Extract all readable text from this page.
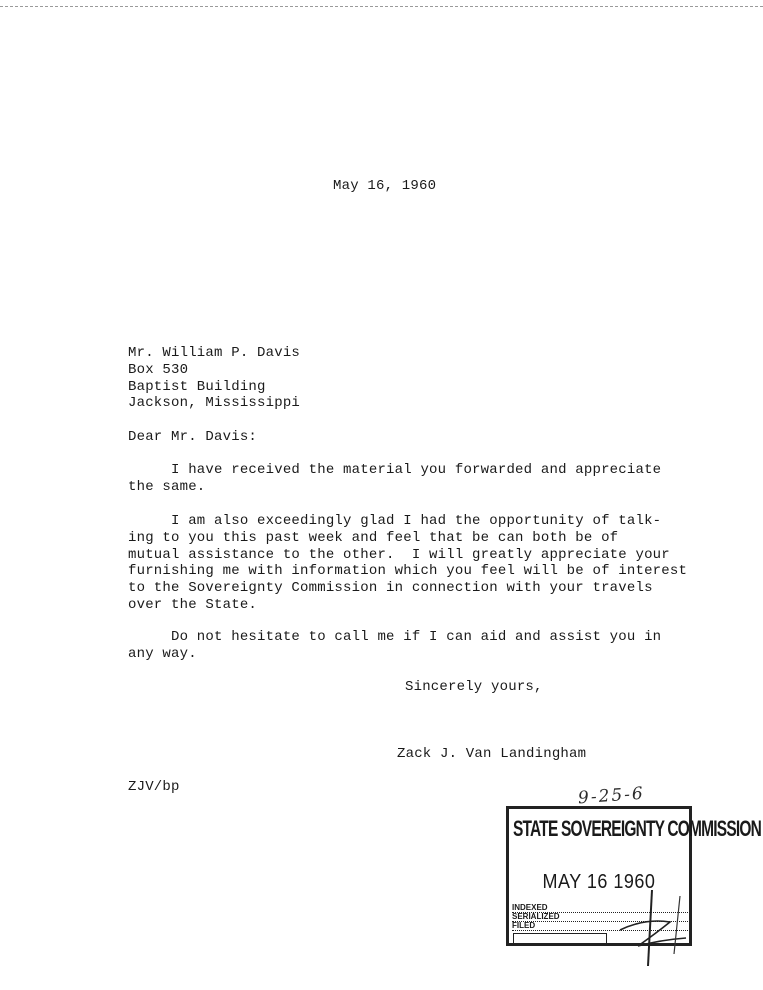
May 16, 1960
Mr. William P. Davis
Box 530
Baptist Building
Jackson, Mississippi
Dear Mr. Davis:
I have received the material you forwarded and appreciate
the same.
I am also exceedingly glad I had the opportunity of talk-
ing to you this past week and feel that be can both be of
mutual assistance to the other.  I will greatly appreciate your
furnishing me with information which you feel will be of interest
to the Sovereignty Commission in connection with your travels
over the State.
Do not hesitate to call me if I can aid and assist you in
any way.
Sincerely yours,
Zack J. Van Landingham
ZJV/bp	9-25-6
STATE SOVEREIGNTY COMMISSION
MAY 16 1960
INDEXED
SERIALIZED
FILED
